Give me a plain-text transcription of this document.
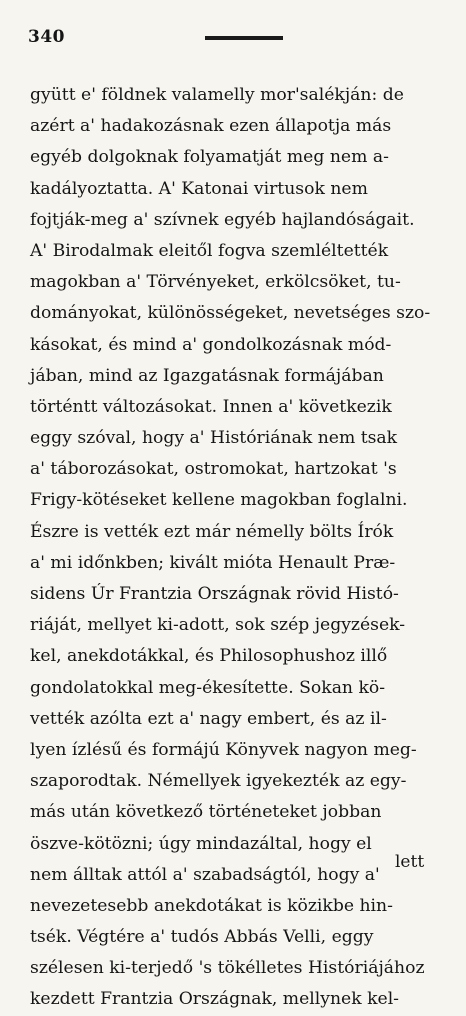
340
gyütt e' földnek valamelly mor'salékján: de
azért a' hadakozásnak ezen állapotja más
egyéb dolgoknak folyamatját meg nem a-
kadályoztatta. A' Katonai virtusok nem
fojtják-meg a' szívnek egyéb hajlandóságait.
A' Birodalmak eleitől fogva szemléltették
magokban a' Törvényeket, erkölcsöket, tu-
dományokat, különösségeket, nevetséges szo-
kásokat, és mind a' gondolkozásnak mód-
jában, mind az Igazgatásnak formájában
történtt változásokat. Innen a' következik
eggy szóval, hogy a' Históriának nem tsak
a' táborozásokat, ostromokat, hartzokat 's
Frigy-kötéseket kellene magokban foglalni.
Észre is vették ezt már némelly bölts Írók
a' mi időnkben; kivált mióta Henault Præ-
sidens Úr Frantzia Országnak rövid Histó-
riáját, mellyet ki-adott, sok szép jegyzések-
kel, anekdotákkal, és Philosophushoz illő
gondolatokkal meg-ékesítette. Sokan kö-
vették azólta ezt a' nagy embert, és az il-
lyen ízlésű és formájú Könyvek nagyon meg-
szaporodtak. Némellyek igyekezték az egy-
más után következő történeteket jobban
öszve-kötözni; úgy mindazáltal, hogy el
nem álltak attól a' szabadságtól, hogy a'
nevezetesebb anekdotákat is közikbe hin-
tsék. Végtére a' tudós Abbás Velli, eggy
szélesen ki-terjedő 's tökélletes Históriájához
kezdett Frantzia Országnak, mellynek kel-
lett
